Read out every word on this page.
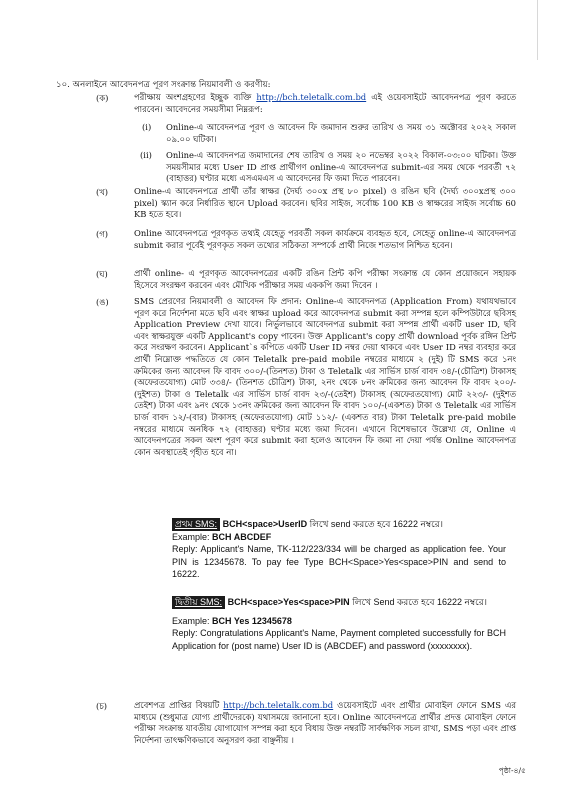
১০. অনলাইনে আবেদনপত্র পূরণ সংক্রান্ত নিয়মাবলী ও করণীয়:
(ক)	পরীক্ষায় অংশগ্রহণের ইচ্ছুক ব্যক্তি http://bch.teletalk.com.bd এই ওয়েবসাইটে আবেদনপত্র পূরণ করতে পারবেন। আবেদনের সময়সীমা নিম্নরূপ:
(i) Online-এ আবেদনপত্র পূরণ ও আবেদন ফি জমাদান শুরুর তারিখ ও সময় ৩১ অক্টোবর ২০২২ সকাল ০৯.০০ ঘটিকা।
(ii) Online-এ আবেদনপত্র জমাদানের শেষ তারিখ ও সময় ২০ নভেম্বর ২০২২ বিকাল-০৩:০০ ঘটিকা। উক্ত সময়সীমার মধ্যে User ID প্রাপ্ত প্রার্থীগণ online-এ আবেদনপত্র submit-এর সময় থেকে পরবর্তী ৭২ (বাহাত্তর) ঘণ্টার মধ্যে এসএমএস এ আবেদনের ফি জমা দিতে পারবেন।
(খ)	Online-এ আবেদনপত্রে প্রার্থী তাঁর স্বাক্ষর (দৈর্ঘ্য ৩০০x প্রস্থ ৮০ pixel) ও রঙিন ছবি (দৈর্ঘ্য ৩০০xপ্রস্থ ৩০০ pixel) স্ক্যান করে নির্ধারিত স্থানে Upload করবেন। ছবির সাইজ, সর্বোচ্চ 100 KB ও স্বাক্ষরের সাইজ সর্বোচ্চ 60 KB হতে হবে।
(গ)	Online আবেদনপত্রে পূরণকৃত তথ্যই যেহেতু পরবর্তী সকল কার্যক্রমে ব্যবহৃত হবে, সেহেতু online-এ আবেদনপত্র submit করার পূর্বেই পূরণকৃত সকল তথ্যের সঠিকতা সম্পর্কে প্রার্থী নিজে শতভাগ নিশ্চিত হবেন।
(ঘ)	প্রার্থী online- এ পূরণকৃত আবেদনপত্রের একটি রঙিন প্রিন্ট কপি পরীক্ষা সংক্রান্ত যে কোন প্রয়োজনে সহায়ক হিসেবে সংরক্ষণ করবেন এবং মৌখিক পরীক্ষার সময় এককপি জমা দিবেন ।
(ঙ)	SMS প্রেরণের নিয়মাবলী ও আবেদন ফি প্রদান: Online-এ আবেদনপত্র (Application From) যথাযথভাবে পূরণ করে নির্দেশনা মতে ছবি এবং স্বাক্ষর upload করে আবেদনপত্র submit করা সম্পন্ন হলে কম্পিউটারে ছবিসহ Application Preview দেখা যাবে। নির্ভুলভাবে আবেদনপত্র submit করা সম্পন্ন প্রার্থী একটি user ID, ছবি এবং স্বাক্ষরযুক্ত একটি Applicant's copy পাবেন। উক্ত Applicant's copy প্রার্থী download পূর্বক রঙ্গিন প্রিন্ট করে সংরক্ষণ করবেন। Applicant`s কপিতে একটি User ID নম্বর দেয়া থাকবে এবং User ID নম্বর ব্যবহার করে প্রার্থী নিম্নোক্ত পদ্ধতিতে যে কোন Teletalk pre-paid mobile নম্বরের মাধ্যমে ২ (দুই) টি SMS করে ১নং ক্রমিকের জন্য আবেদন ফি বাবদ ৩০০/-(তিনশত) টাকা ও Teletalk এর সার্ভিস চার্জ বাবদ ৩৪/-(চৌত্রিশ) টাকাসহ (অফেরতযোগ্য) মোট ৩৩৪/- (তিনশত চৌত্রিশ) টাকা, ২নং থেকে ৮নং ক্রমিকের জন্য আবেদন ফি বাবদ ২০০/-(দুইশত) টাকা ও Teletalk এর সার্ভিস চার্জ বাবদ ২৩/-(তেইশ) টাকাসহ (অফেরতযোগ্য) মোট ২২৩/- (দুইশত তেইশ) টাকা এবং ৯নং থেকে ১৩নং ক্রমিকের জন্য আবেদন ফি বাবদ ১০০/-(একশত) টাকা ও Teletalk এর সার্ভিস চার্জ বাবদ ১২/-(বার) টাকাসহ (অফেরতযোগ্য) মোট ১১২/- (একশত বার) টাকা Teletalk pre-paid mobile নম্বরের মাধ্যমে অনধিক ৭২ (বাহাত্তর) ঘণ্টার মধ্যে জমা দিবেন। এখানে বিশেষভাবে উল্লেখ্য যে, Online এ আবেদনপত্রের সকল অংশ পূরণ করে submit করা হলেও আবেদন ফি জমা না দেয়া পর্যন্ত Online আবেদনপত্র কোন অবস্থাতেই গৃহীত হবে না।
প্রথম SMS: BCH<space>UserID লিখে send করতে হবে 16222 নম্বরে।
Example: BCH ABCDEF
Reply: Applicant's Name, TK-112/223/334 will be charged as application fee. Your PIN is 12345678. To pay fee Type BCH<Space>Yes<space>PIN and send to 16222.
দ্বিতীয় SMS: BCH<space>Yes<space>PIN লিখে Send করতে হবে 16222 নম্বরে।
Example: BCH Yes 12345678
Reply: Congratulations Applicant's Name, Payment completed successfully for BCH Application for (post name) User ID is (ABCDEF) and password (xxxxxxxx).
(চ)	প্রবেশপত্র প্রাপ্তির বিষয়টি http://bch.teletalk.com.bd ওয়েবসাইটে এবং প্রার্থীর মোবাইল ফোনে SMS এর মাধ্যমে (শুধুমাত্র যোগ্য প্রার্থীদেরকে) যথাসময়ে জানানো হবে। Online আবেদনপত্রে প্রার্থীর প্রদত্ত মোবাইল ফোনে পরীক্ষা সংক্রান্ত যাবতীয় যোগাযোগ সম্পন্ন করা হবে বিধায় উক্ত নম্বরটি সার্বক্ষণিক সচল রাখা, SMS পড়া এবং প্রাপ্ত নির্দেশনা তাৎক্ষণিকভাবে অনুসরণ করা বাঞ্ছনীয় ।
পৃষ্ঠা-৪/৫
